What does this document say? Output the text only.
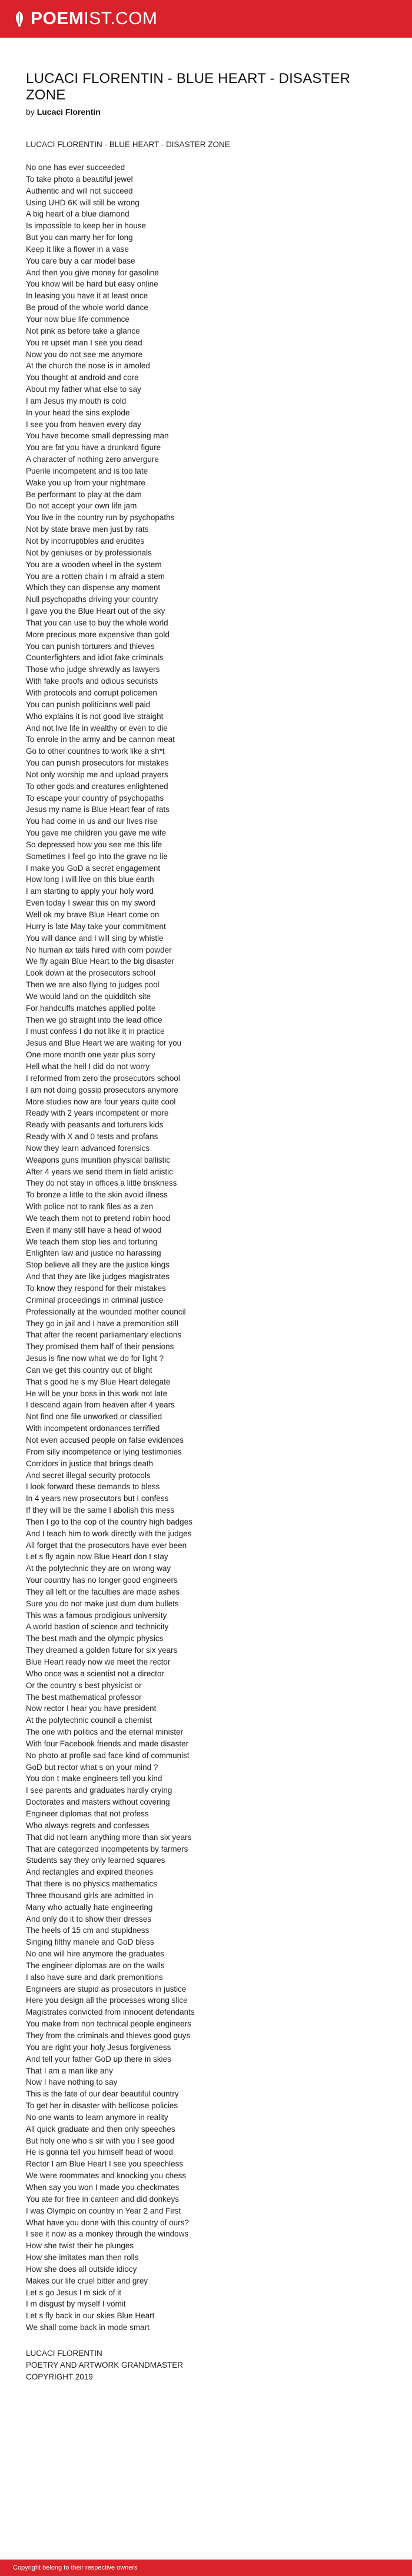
POEMIST.COM
LUCACI FLORENTIN - BLUE HEART - DISASTER ZONE
by Lucaci Florentin
LUCACI FLORENTIN - BLUE HEART - DISASTER ZONE
No one has ever succeeded
To take photo a beautiful jewel
Authentic and will not succeed
Using UHD 6K will still be wrong
A big heart of a blue diamond
Is impossible to keep her in house
But you can marry her for long
Keep it like a flower in a vase
You care buy a car model base
And then you give money for gasoline
You know will be hard but easy online
In leasing you have it at least once
Be proud of the whole world dance
Your now blue life commence
Not pink as before take a glance
You re upset man I see you dead
Now you do not see me anymore
At the church the nose is in amoled
You thought at android and core
About my father what else to say
I am Jesus my mouth is cold
In your head the sins explode
I see you from heaven every day
You have become small depressing man
You are fat you have a drunkard figure
A character of nothing zero anvergure
Puerile incompetent and is too late
Wake you up from your nightmare
Be performant to play at the dam
Do not accept your own life jam
You live in the country run by psychopaths
Not by state brave men just by rats
Not by incorruptibles and erudites
Not by geniuses or by professionals
You are a wooden wheel in the system
You are a rotten chain I m afraid a stem
Which they can dispense any moment
Null psychopaths driving your country
I gave you the Blue Heart out of the sky
That you can use to buy the whole world
More precious more expensive than gold
You can punish torturers and thieves
Counterfighters and idiot fake criminals
Those who judge shrewdly as lawyers
With fake proofs and odious securists
With protocols and corrupt policemen
You can punish politicians well paid
Who explains it is not good live straight
And not live life in wealthy or even to die
To enrole in the army and be cannon meat
Go to other countries to work like a sh*t
You can punish prosecutors for mistakes
Not only worship me and upload prayers
To other gods and creatures enlightened
To escape your country of psychopaths
Jesus my name is Blue Heart fear of rats
You had come in us and our lives rise
You gave me children you gave me wife
So depressed how you see me this life
Sometimes I feel go into the grave no lie
I make you GoD a secret engagement
How long I will live on this blue earth
I am starting to apply your holy word
Even today I swear this on my sword
Well ok my brave Blue Heart come on
Hurry is late May take your commitment
You will dance and I will sing by whistle
No human ax tails hired with corn powder
We fly again Blue Heart to the big disaster
Look down at the prosecutors school
Then we are also flying to judges pool
We would land on the quidditch site
For handcuffs matches applied polite
Then we go straight into the lead office
I must confess I do not like it in practice
Jesus and Blue Heart we are waiting for you
One more month one year plus sorry
Hell what the hell I did do not worry
I reformed from zero the prosecutors school
I am not doing gossip prosecutors anymore
More studies now are four years quite cool
Ready with 2 years incompetent or more
Ready with peasants and torturers kids
Ready with X and 0 tests and profans
Now they learn advanced forensics
Weapons guns munition physical ballistic
After 4 years we send them in field artistic
They do not stay in offices a little briskness
To bronze a little to the skin avoid illness
With police not to rank files as a zen
We teach them not to pretend robin hood
Even if many still have a head of wood
We teach them stop lies and torturing
Enlighten law and justice no harassing
Stop believe all they are the justice kings
And that they are like judges magistrates
To know they respond for their mistakes
Criminal proceedings in criminal justice
Professionally at the wounded mother council
They go in jail and I have a premonition still
That after the recent parliamentary elections
They promised them half of their pensions
Jesus is fine now what we do for light ?
Can we get this country out of blight
That s good he s my Blue Heart delegate
He will be your boss in this work not late
I descend again from heaven after 4 years
Not find one file unworked or classified
With incompetent ordonances terrified
Not even accused people on false evidences
From silly incompetence or lying testimonies
Corridors in justice that brings death
And secret illegal security protocols
I look forward these demands to bless
In 4 years new prosecutors but I confess
If they will be the same I abolish this mess
Then I go to the cop of the country high badges
And I teach him to work directly with the judges
All forget that the prosecutors have ever been
Let s fly again now Blue Heart don t stay
At the polytechnic they are on wrong way
Your country has no longer good engineers
They all left or the faculties are made ashes
Sure you do not make just dum dum bullets
This was a famous prodigious university
A world bastion of science and technicity
The best math and the olympic physics
They dreamed a golden future for six years
Blue Heart ready now we meet the rector
Who once was a scientist not a director
Or the country s best physicist or
The best mathematical professor
Now rector I hear you have president
At the polytechnic council a chemist
The one with politics and the eternal minister
With four Facebook friends and made disaster
No photo at profile sad face kind of communist
GoD but rector what s on your mind ?
You don t make engineers tell you kind
I see parents and graduates hardly crying
Doctorates and masters without covering
Engineer diplomas that not profess
Who always regrets and confesses
That did not learn anything more than six years
That are categorized incompetents by farmers
Students say they only learned squares
And rectangles and expired theories
That there is no physics mathematics
Three thousand girls are admitted in
Many who actually hate engineering
And only do it to show their dresses
The heels of 15 cm and stupidness
Singing filthy manele and GoD bless
No one will hire anymore the graduates
The engineer diplomas are on the walls
I also have sure and dark premonitions
Engineers are stupid as prosecutors in justice
Here you design all the processes wrong slice
Magistrates convicted from innocent defendants
You make from non technical people engineers
They from the criminals and thieves good guys
You are right your holy Jesus forgiveness
And tell your father GoD up there in skies
That I am a man like any
Now I have nothing to say
This is the fate of our dear beautiful country
To get her in disaster with bellicose policies
No one wants to learn anymore in reality
All quick graduate and then only speeches
But holy one who s sir with you I see good
He is gonna tell you himself head of wood
Rector I am Blue Heart I see you speechless
We were roommates and knocking you chess
When say you won I made you checkmates
You ate for free in canteen and did donkeys
I was Olympic on country in Year 2 and First
What have you done with this country of ours?
I see it now as a monkey through the windows
How she twist their he plunges
How she imitates man then rolls
How she does all outside idiocy
Makes our life cruel bitter and grey
Let s go Jesus I m sick of it
I m disgust by myself I vomit
Let s fly back in our skies Blue Heart
We shall come back in mode smart
LUCACI FLORENTIN
POETRY AND ARTWORK GRANDMASTER
COPYRIGHT 2019
Copyright belong to their respective owners
